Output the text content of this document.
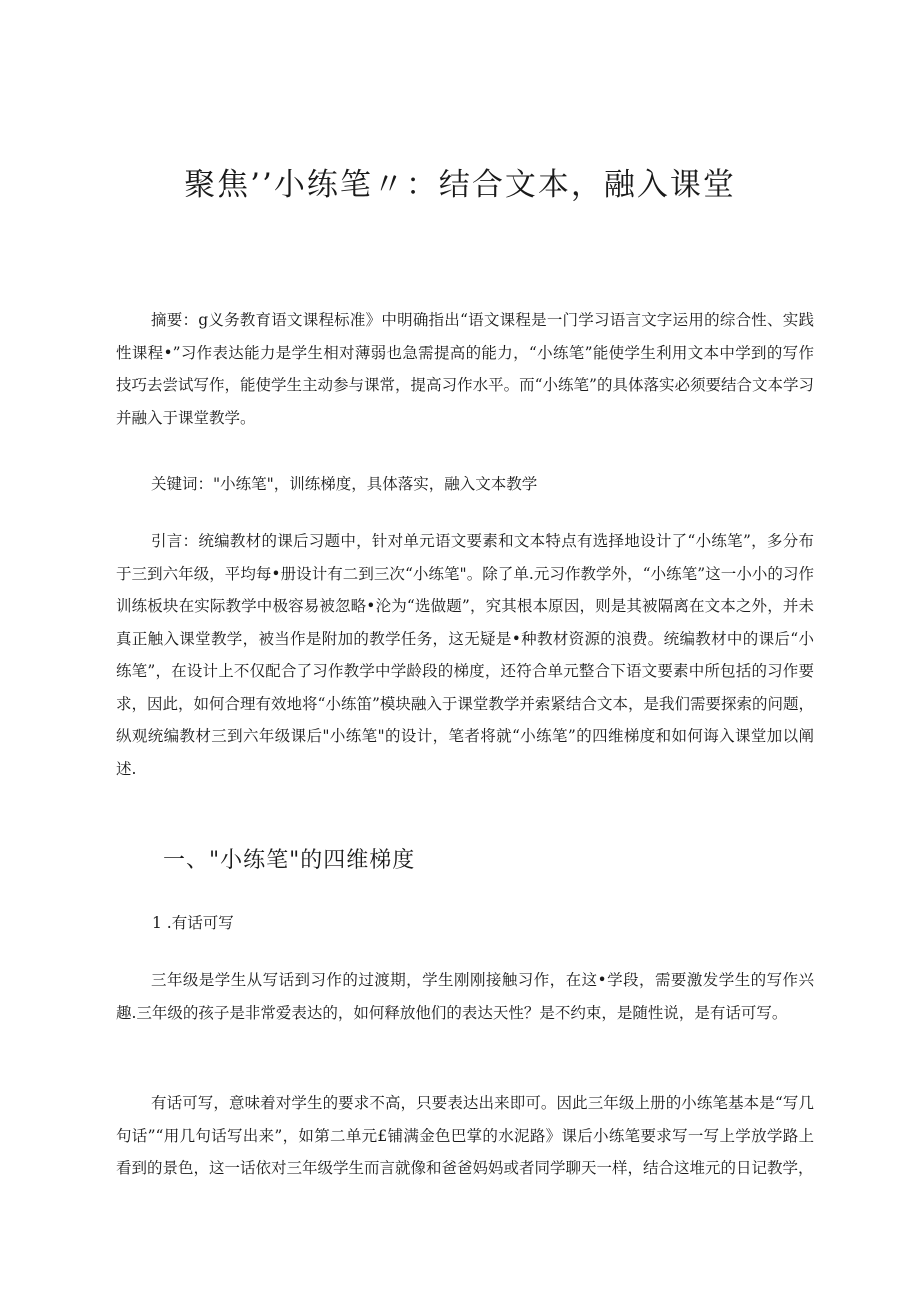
聚焦’’小练笔〃：结合文本，融入课堂

摘要：g义务教育语文课程标准》中明确指出“语文课程是一门学习语言文字运用的综合性、实践性课程•”习作表达能力是学生相对薄弱也急需提高的能力，“小练笔”能使学生利用文本中学到的写作技巧去尝试写作，能使学生主动参与课常，提高习作水平。而“小练笔”的具体落实必须要结合文本学习并融入于课堂教学。

关键词："小练笔"，训练梯度，具体落实，融入文本教学

引言：统编教材的课后习题中，针对单元语文要素和文本特点有选择地设计了“小练笔”，多分布于三到六年级，平均每•册设计有二到三次“小练笔"。除了单.元习作教学外，“小练笔”这一小小的习作训练板块在实际教学中极容易被忽略•沦为“选做题”，究其根本原因，则是其被隔离在文本之外，并未真正触入课堂教学，被当作是附加的教学任务，这无疑是•种教材资源的浪费。统编教材中的课后“小练笔”，在设计上不仅配合了习作教学中学龄段的梯度，还符合单元整合下语文要素中所包括的习作要求，因此，如何合理有效地将“小练笛”模块融入于课堂教学并索紧结合文本，是我们需要探索的问题，纵观统编教材三到六年级课后"小练笔"的设计，笔者将就“小练笔”的四维梯度和如何诲入课堂加以阐述.

一、"小练笔"的四维梯度
1 .有话可写

三年级是学生从写话到习作的过渡期，学生刚刚接触习作，在这•学段，需要激发学生的写作兴趣.三年级的孩子是非常爱表达的，如何释放他们的表达天性？是不约束，是随性说，是有话可写。

有话可写，意味着对学生的要求不高，只要表达出来即可。因此三年级上册的小练笔基本是“写几句话”“用几句话写出来”，如第二单元£铺满金色巴掌的水泥路》课后小练笔要求写一写上学放学路上看到的景色，这一话依对三年级学生而言就像和爸爸妈妈或者同学聊天一样，结合这堆元的日记教学，
